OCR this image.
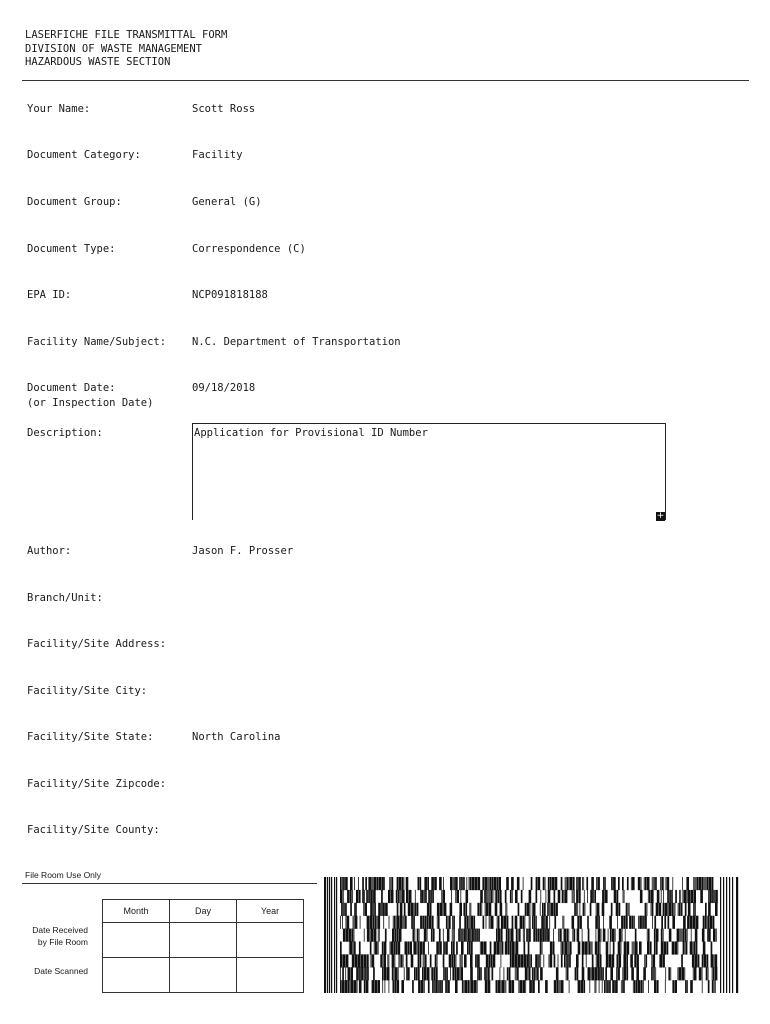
LASERFICHE FILE TRANSMITTAL FORM
DIVISION OF WASTE MANAGEMENT
HAZARDOUS WASTE SECTION

Your Name:

	Scott Ross

Document Category:

	Facility

Document Group:

	General (G)

Document Type:

	Correspondence (C)

EPA ID:

	NCP091818188

Facility Name/Subject:

N.C. Department of Transportation

Document Date:

(or Inspection Date)

09/18/2018

Description:	Application for Provisional ID Number
+

Author:

	Jason F. Prosser

Branch/Unit:

Facility/Site Address:

Facility/Site City:

Facility/Site State:

	North Carolina

Facility/Site Zipcode:

Facility/Site County:

File Room Use Only
Month	Day	Year

Date Received
by File Room
Date Scanned
